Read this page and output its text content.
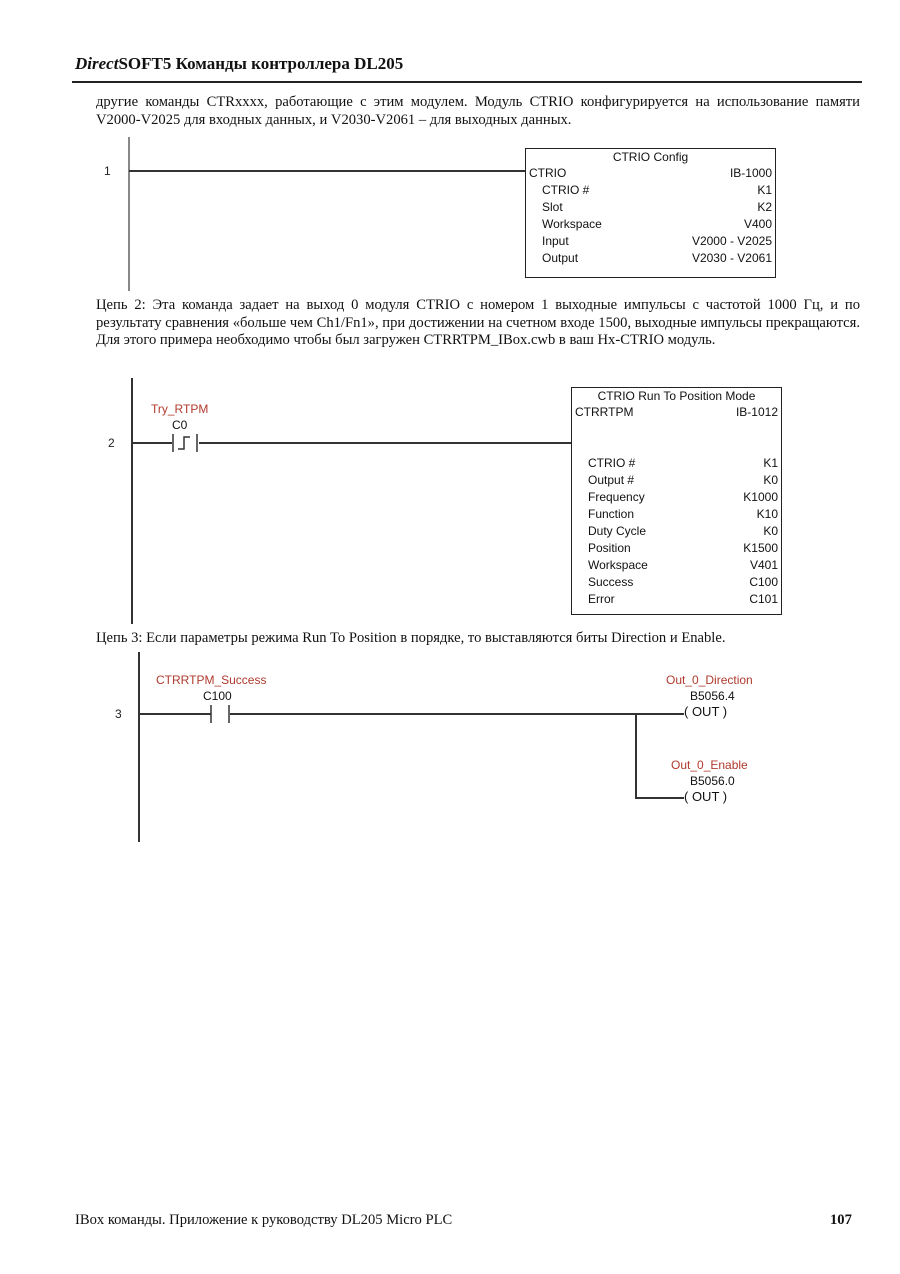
DirectSOFT5 Команды контроллера DL205
другие команды CTRxxxx, работающие с этим модулем. Модуль CTRIO конфигурируется на использование памяти V2000-V2025 для входных данных, и V2030-V2061 – для выходных данных.
1
CTRIO Config
CTRIO	IB-1000
CTRIO #	K1
Slot	K2
Workspace	V400
Input	V2000 - V2025
Output	V2030 - V2061
Цепь 2: Эта команда задает на выход 0 модуля CTRIO с номером 1 выходные импульсы с частотой 1000 Гц, и по результату сравнения «больше чем Ch1/Fn1», при достижении на счетном входе 1500, выходные импульсы прекращаются. Для этого примера необходимо чтобы был загружен CTRRTPM_IBox.cwb в ваш Hx-CTRIO модуль.
2
Try_RTPM
C0
CTRIO Run To Position Mode
CTRRTPM	IB-1012
CTRIO #	K1
Output #	K0
Frequency	K1000
Function	K10
Duty Cycle	K0
Position	K1500
Workspace	V401
Success	C100
Error	C101
Цепь 3: Если параметры режима Run To Position в порядке, то выставляются биты Direction и Enable.
3
CTRRTPM_Success
C100
Out_0_Direction
B5056.4
( OUT )
Out_0_Enable
B5056.0
( OUT )
IBox команды. Приложение к руководству DL205 Micro PLC	107
